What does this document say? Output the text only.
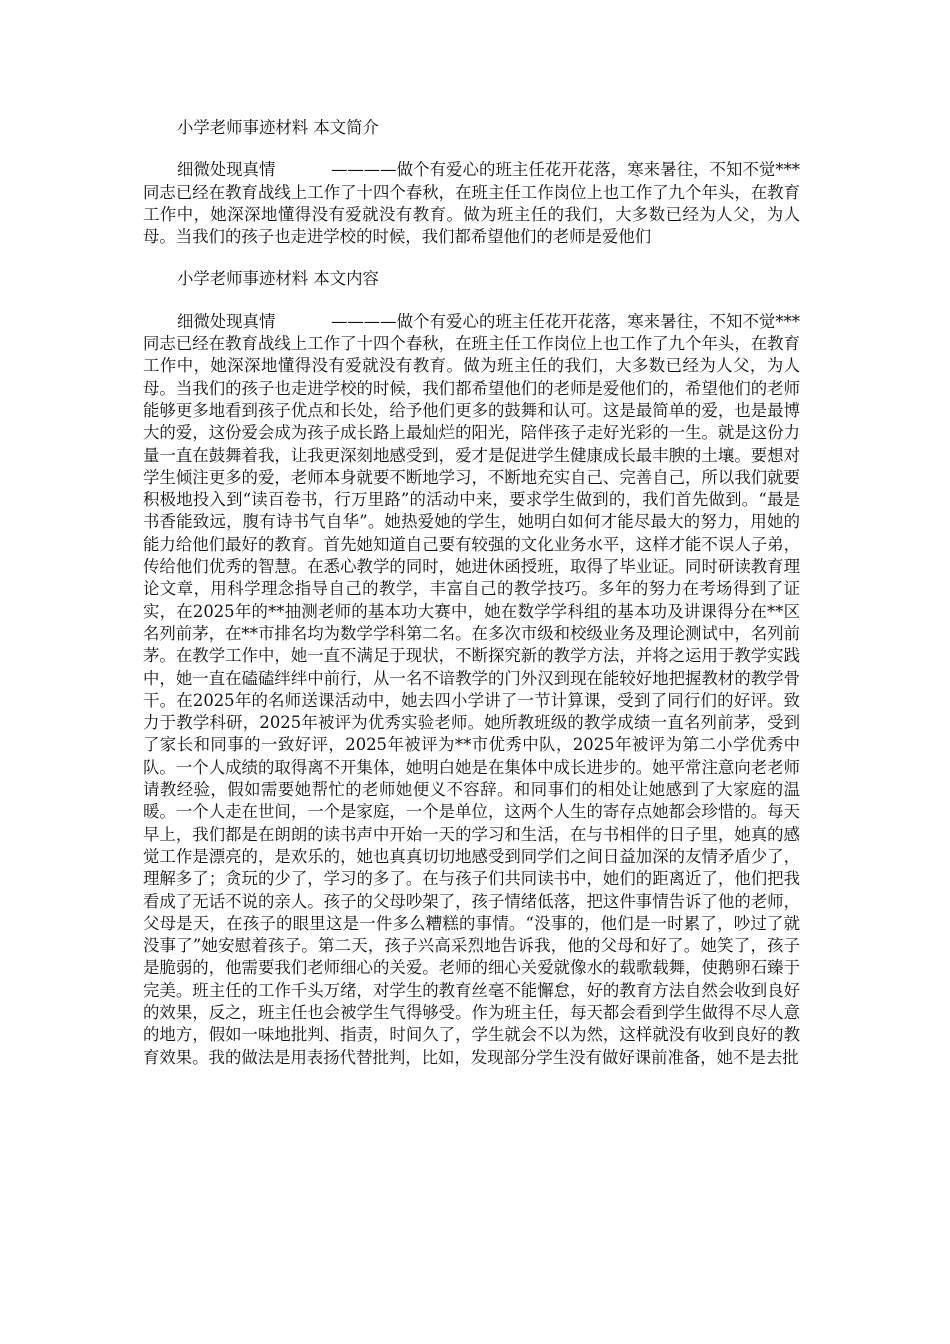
小学老师事迹材料 本文简介
细微处现真情	————做个有爱心的班主任花开花落，寒来暑往，不知不觉***同志已经在教育战线上工作了十四个春秋，在班主任工作岗位上也工作了九个年头，在教育工作中，她深深地懂得没有爱就没有教育。做为班主任的我们，大多数已经为人父，为人母。当我们的孩子也走进学校的时候，我们都希望他们的老师是爱他们
小学老师事迹材料 本文内容
细微处现真情	————做个有爱心的班主任花开花落，寒来暑往，不知不觉***同志已经在教育战线上工作了十四个春秋，在班主任工作岗位上也工作了九个年头，在教育工作中，她深深地懂得没有爱就没有教育。做为班主任的我们，大多数已经为人父，为人母。当我们的孩子也走进学校的时候，我们都希望他们的老师是爱他们的，希望他们的老师能够更多地看到孩子优点和长处，给予他们更多的鼓舞和认可。这是最简单的爱，也是最博大的爱，这份爱会成为孩子成长路上最灿烂的阳光，陪伴孩子走好光彩的一生。就是这份力量一直在鼓舞着我，让我更深刻地感受到，爱才是促进学生健康成长最丰腴的土壤。要想对学生倾注更多的爱，老师本身就要不断地学习，不断地充实自己、完善自己，所以我们就要积极地投入到“读百卷书，行万里路”的活动中来，要求学生做到的，我们首先做到。“最是书香能致远，腹有诗书气自华”。她热爱她的学生，她明白如何才能尽最大的努力，用她的能力给他们最好的教育。首先她知道自己要有较强的文化业务水平，这样才能不误人子弟，传给他们优秀的智慧。在悉心教学的同时，她进休函授班，取得了毕业证。同时研读教育理论文章，用科学理念指导自己的教学，丰富自己的教学技巧。多年的努力在考场得到了证实，在2025年的**抽测老师的基本功大赛中，她在数学学科组的基本功及讲课得分在**区名列前茅，在**市排名均为数学学科第二名。在多次市级和校级业务及理论测试中，名列前茅。在教学工作中，她一直不满足于现状，不断探究新的教学方法，并将之运用于教学实践中，她一直在磕磕绊绊中前行，从一名不谙教学的门外汉到现在能较好地把握教材的教学骨干。在2025年的名师送课活动中，她去四小学讲了一节计算课，受到了同行们的好评。致力于教学科研，2025年被评为优秀实验老师。她所教班级的教学成绩一直名列前茅，受到了家长和同事的一致好评，2025年被评为**市优秀中队，2025年被评为第二小学优秀中队。一个人成绩的取得离不开集体，她明白她是在集体中成长进步的。她平常注意向老老师请教经验，假如需要她帮忙的老师她便义不容辞。和同事们的相处让她感到了大家庭的温暖。一个人走在世间，一个是家庭，一个是单位，这两个人生的寄存点她都会珍惜的。每天早上，我们都是在朗朗的读书声中开始一天的学习和生活，在与书相伴的日子里，她真的感觉工作是漂亮的，是欢乐的，她也真真切切地感受到同学们之间日益加深的友情矛盾少了，理解多了；贪玩的少了，学习的多了。在与孩子们共同读书中，她们的距离近了，他们把我看成了无话不说的亲人。孩子的父母吵架了，孩子情绪低落，把这件事情告诉了他的老师，父母是天，在孩子的眼里这是一件多么糟糕的事情。“没事的，他们是一时累了，吵过了就没事了”她安慰着孩子。第二天，孩子兴高采烈地告诉我，他的父母和好了。她笑了，孩子是脆弱的，他需要我们老师细心的关爱。老师的细心关爱就像水的载歌载舞，使鹅卵石臻于完美。班主任的工作千头万绪，对学生的教育丝毫不能懈怠，好的教育方法自然会收到良好的效果，反之，班主任也会被学生气得够受。作为班主任，每天都会看到学生做得不尽人意的地方，假如一味地批判、指责，时间久了，学生就会不以为然，这样就没有收到良好的教育效果。我的做法是用表扬代替批判，比如，发现部分学生没有做好课前准备，她不是去批
